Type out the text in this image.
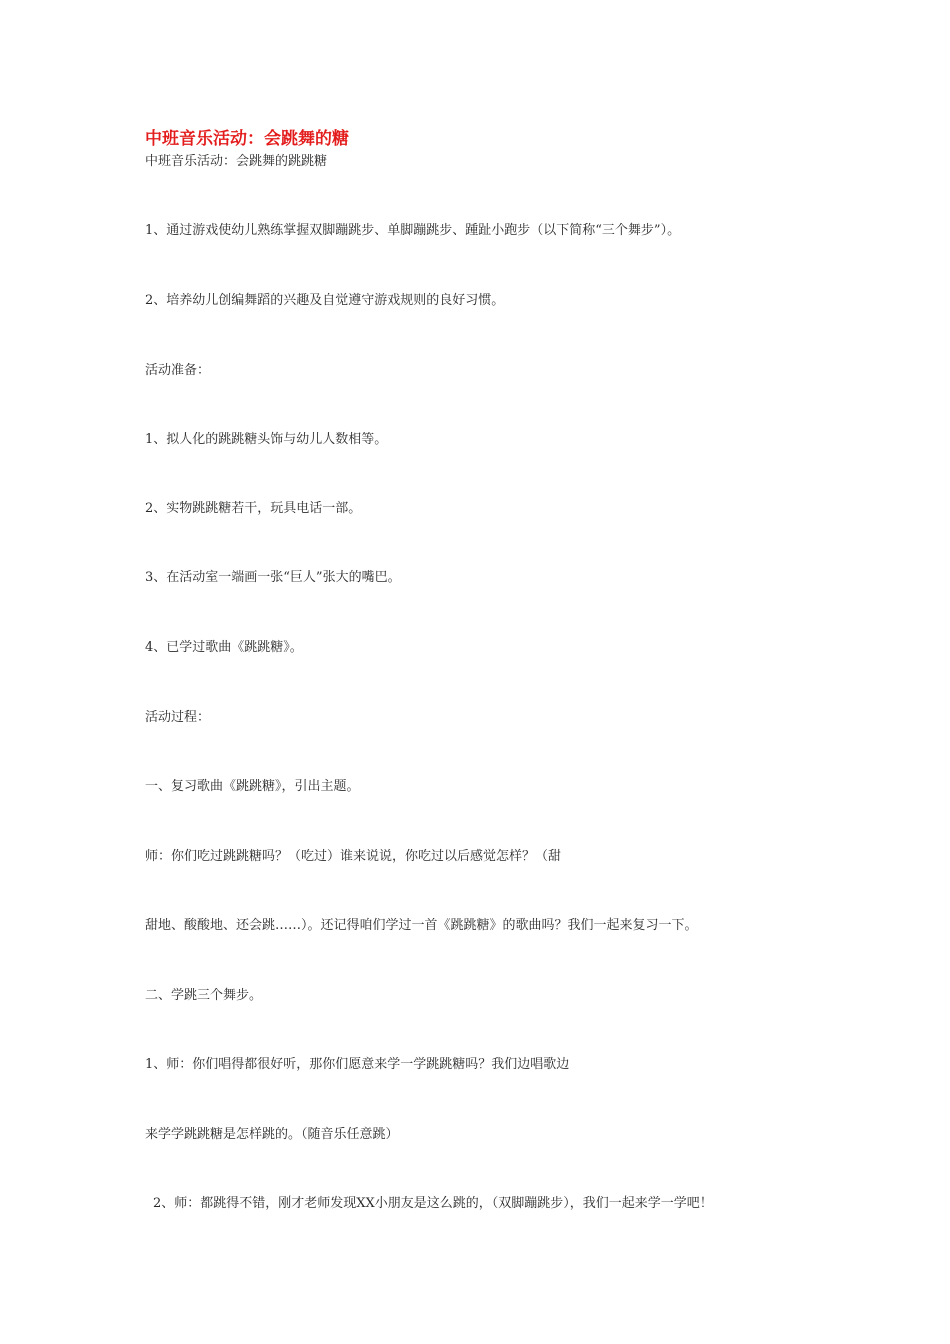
中班音乐活动：会跳舞的糖
中班音乐活动：会跳舞的跳跳糖
1、通过游戏使幼儿熟练掌握双脚蹦跳步、单脚蹦跳步、踵趾小跑步（以下简称“三个舞步”）。
2、培养幼儿创编舞蹈的兴趣及自觉遵守游戏规则的良好习惯。
活动准备：
1、拟人化的跳跳糖头饰与幼儿人数相等。
2、实物跳跳糖若干，玩具电话一部。
3、在活动室一端画一张“巨人”张大的嘴巴。
4、已学过歌曲《跳跳糖》。
活动过程：
一、复习歌曲《跳跳糖》，引出主题。
师：你们吃过跳跳糖吗？（吃过）谁来说说，你吃过以后感觉怎样？（甜
甜地、酸酸地、还会跳……）。还记得咱们学过一首《跳跳糖》的歌曲吗？我们一起来复习一下。
二、学跳三个舞步。
1、师：你们唱得都很好听，那你们愿意来学一学跳跳糖吗？我们边唱歌边
来学学跳跳糖是怎样跳的。（随音乐任意跳）
2、师：都跳得不错，刚才老师发现XX小朋友是这么跳的，（双脚蹦跳步），我们一起来学一学吧！
